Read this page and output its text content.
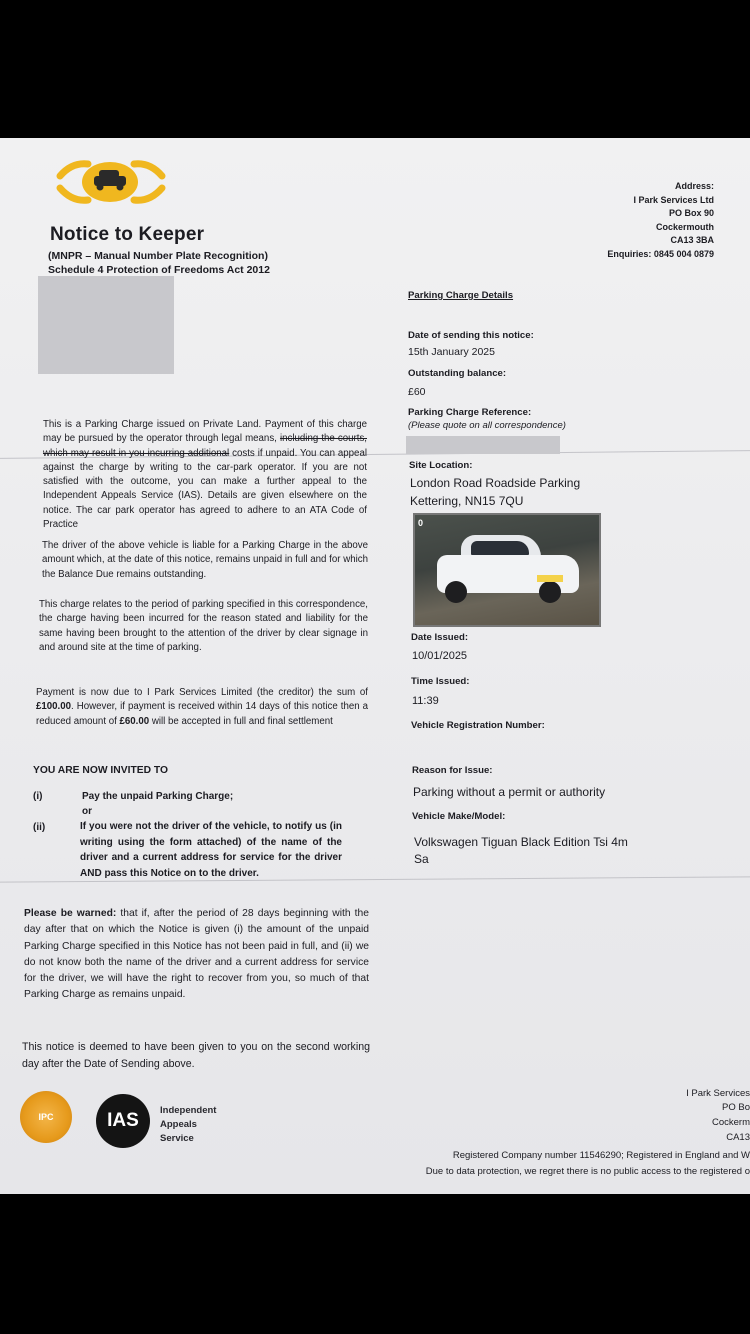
Notice to Keeper
(MNPR – Manual Number Plate Recognition)
Schedule 4 Protection of Freedoms Act 2012
Address:
I Park Services Ltd
PO Box 90
Cockermouth
CA13 3BA
Enquiries: 0845 004 0879
Parking Charge Details
Date of sending this notice:
15th January 2025
Outstanding balance:
£60
Parking Charge Reference:
(Please quote on all correspondence)
Site Location:
London Road Roadside Parking
Kettering, NN15 7QU
0
Date Issued:
10/01/2025
Time Issued:
11:39
Vehicle Registration Number:
Reason for Issue:
Parking without a permit or authority
Vehicle Make/Model:
Volkswagen Tiguan Black Edition Tsi 4m
Sa
This is a Parking Charge issued on Private Land. Payment of this charge may be pursued by the operator through legal means, including the courts, which may result in you incurring additional costs if unpaid. You can appeal against the charge by writing to the car-park operator. If you are not satisfied with the outcome, you can make a further appeal to the Independent Appeals Service (IAS). Details are given elsewhere on the notice. The car park operator has agreed to adhere to an ATA Code of Practice
The driver of the above vehicle is liable for a Parking Charge in the above amount which, at the date of this notice, remains unpaid in full and for which the Balance Due remains outstanding.
This charge relates to the period of parking specified in this correspondence, the charge having been incurred for the reason stated and liability for the same having been brought to the attention of the driver by clear signage in and around site at the time of parking.
Payment is now due to I Park Services Limited (the creditor) the sum of £100.00. However, if payment is received within 14 days of this notice then a reduced amount of £60.00 will be accepted in full and final settlement
YOU ARE NOW INVITED TO
(i)	Pay the unpaid Parking Charge;
or
(ii)	If you were not the driver of the vehicle, to notify us (in writing using the form attached) of the name of the driver and a current address for service for the driver AND pass this Notice on to the driver.
Please be warned: that if, after the period of 28 days beginning with the day after that on which the Notice is given (i) the amount of the unpaid Parking Charge specified in this Notice has not been paid in full, and (ii) we do not know both the name of the driver and a current address for service for the driver, we will have the right to recover from you, so much of that Parking Charge as remains unpaid.
This notice is deemed to have been given to you on the second working day after the Date of Sending above.
IPC	IAS	Independent
Appeals
Service
I Park Services
PO Bo
Cockerm
CA13
Registered Company number 11546290; Registered in England and W
Due to data protection, we regret there is no public access to the registered o
